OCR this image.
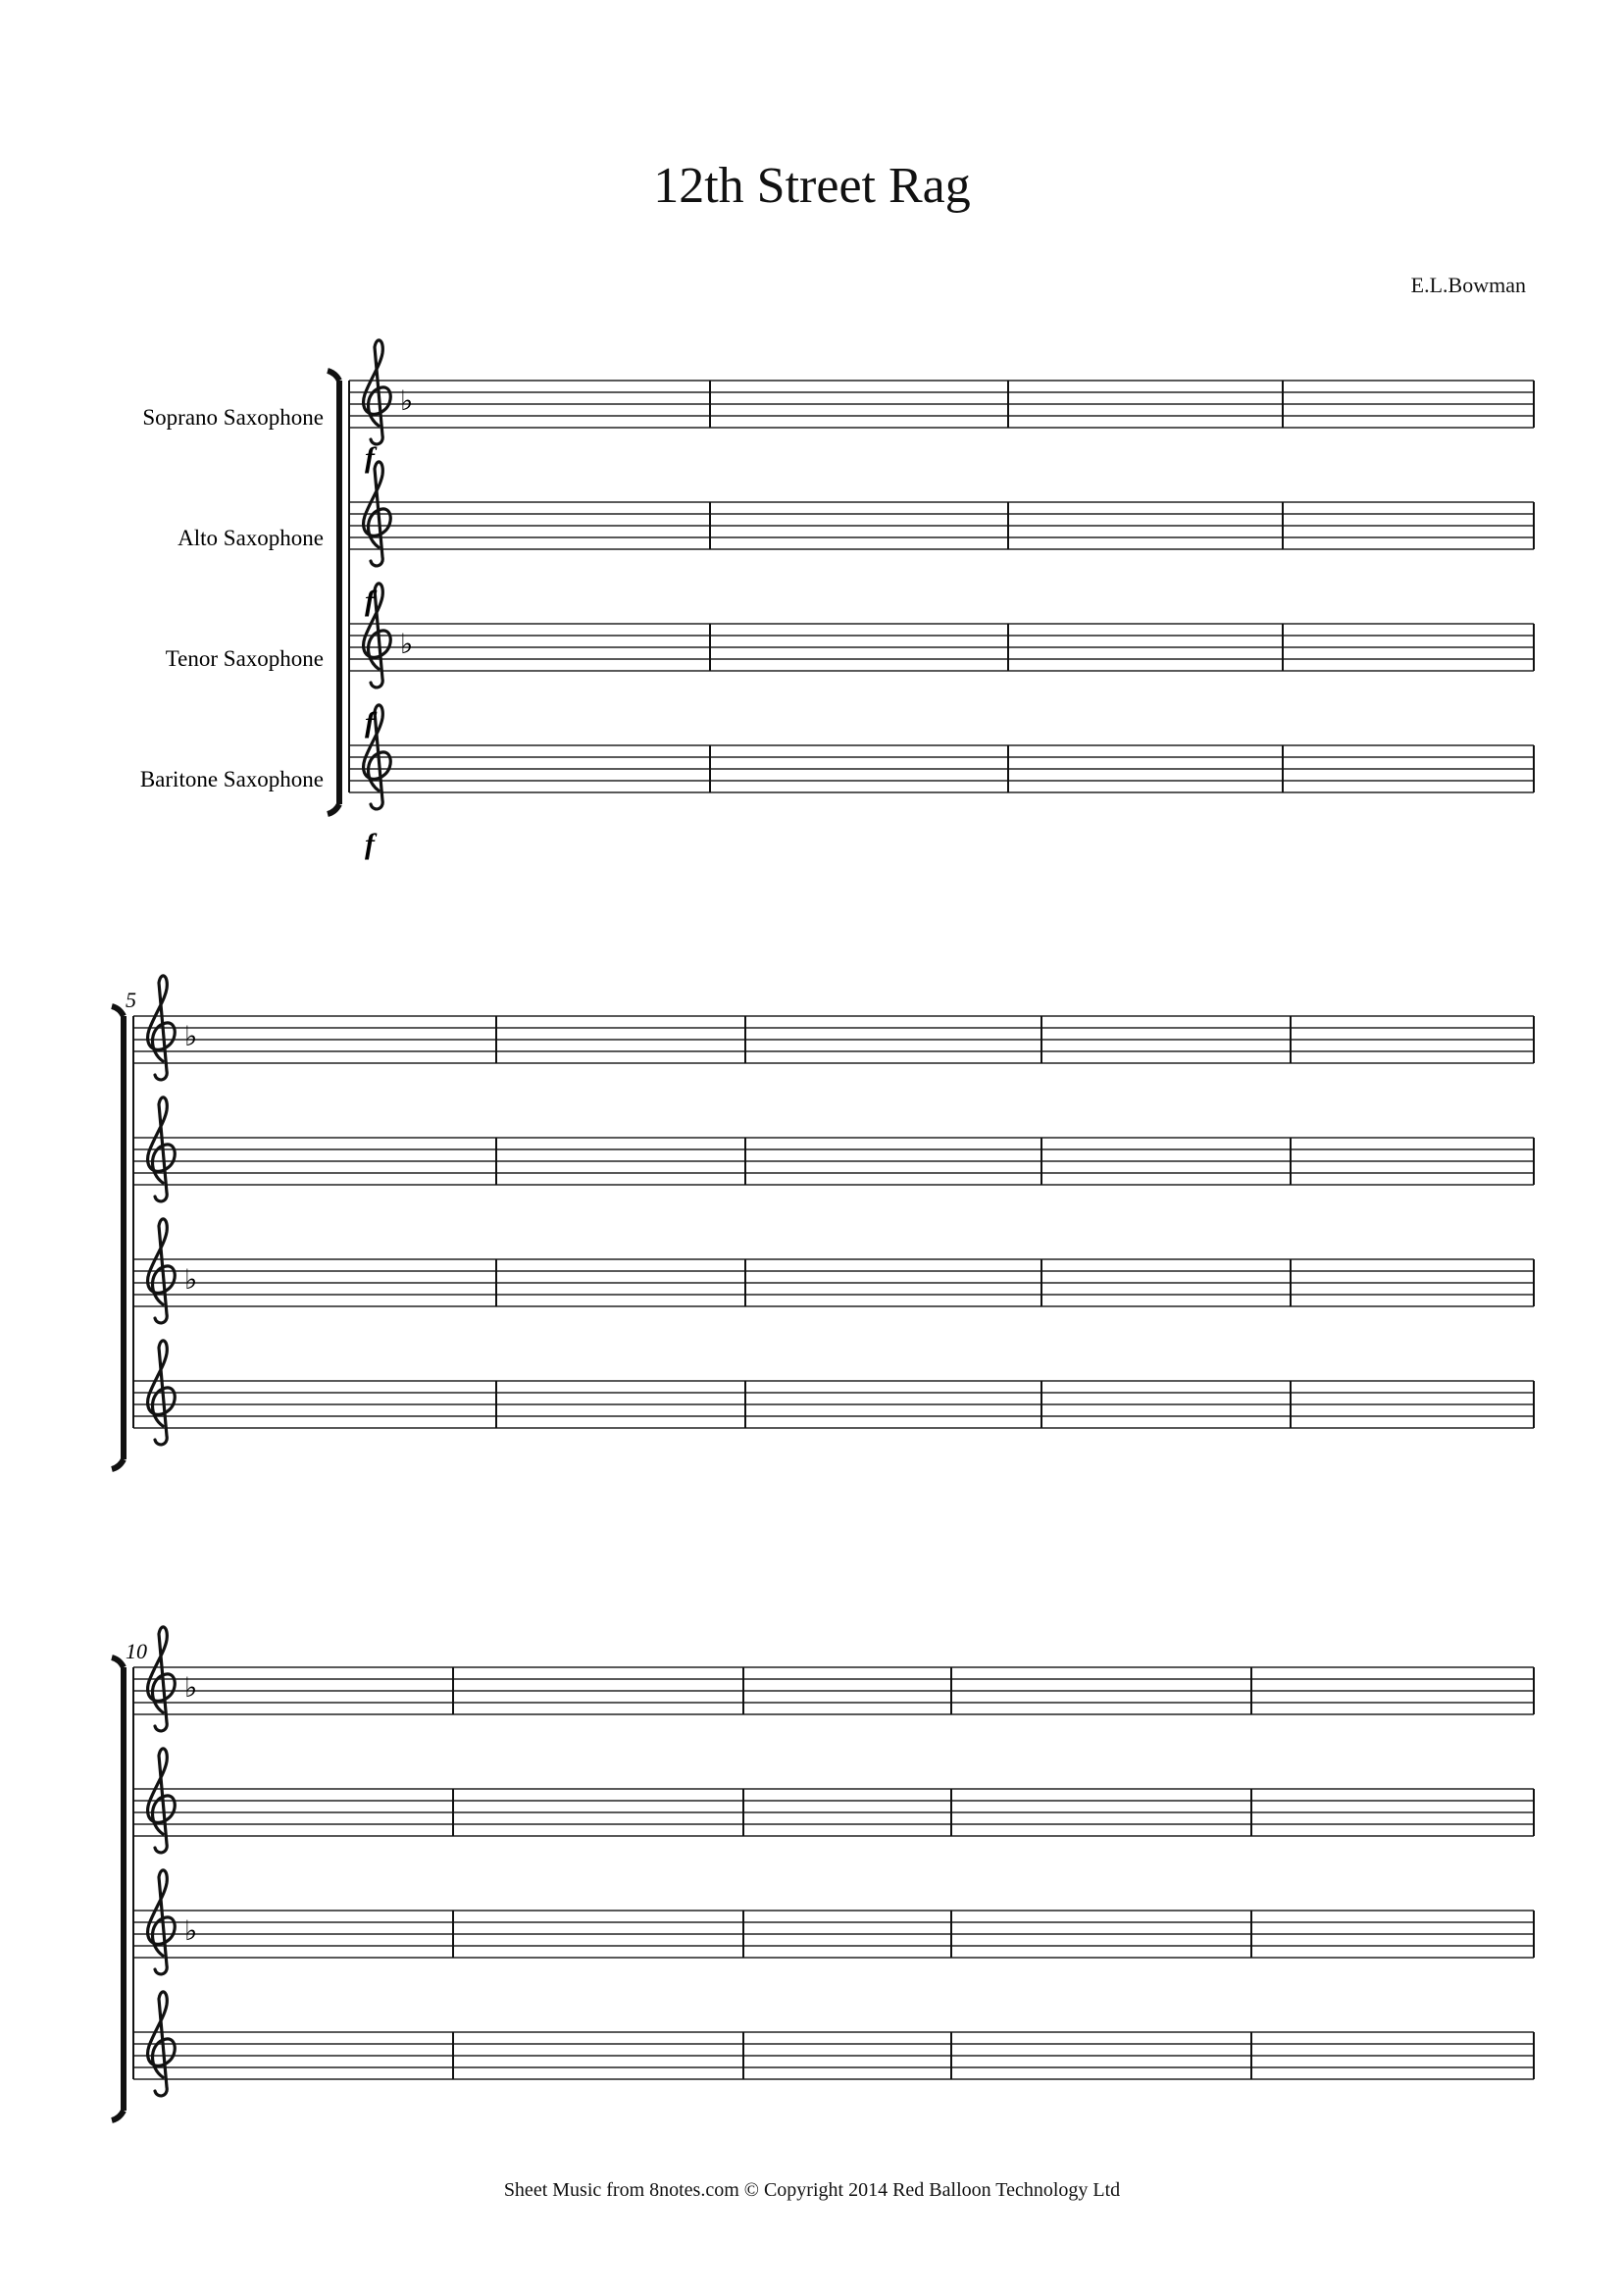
12th Street Rag
E.L.Bowman
Soprano Saxophone
Alto Saxophone
Tenor Saxophone
Baritone Saxophone
5
10
♭
♭
♭
♭
♭
♭
f
f
f
f
Sheet Music from 8notes.com © Copyright 2014 Red Balloon Technology Ltd
